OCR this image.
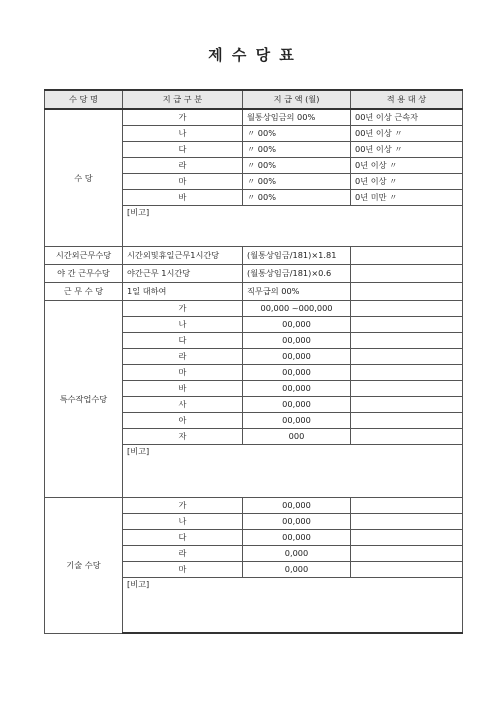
제 수 당 표
수 당 명	지 급 구 분	지 급 액 (월)	적 용 대 상
수 당	가	월통상임금의 00%	00년 이상 근속자
	나	〃 00%	00년 이상 〃
	다	〃 00%	00년 이상 〃
	라	〃 00%	0년 이상 〃
	마	〃 00%	0년 이상 〃
	바	〃 00%	0년 미만 〃
	[비고]		
시간외근무수당	시간외및휴일근무1시간당	(월통상임금/181)×1.81	
야 간 근무수당	야간근무 1시간당	(월통상임금/181)×0.6	
근 무 수 당	1일 대하여	직무급의 00%	
특수작업수당	가	00,000 ~000,000	
	나	00,000	
	다	00,000	
	라	00,000	
	마	00,000	
	바	00,000	
	사	00,000	
	아	00,000	
	자	000	
	[비고]		
기술 수당	가	00,000	
	나	00,000	
	다	00,000	
	라	0,000	
	마	0,000	
	[비고]		
